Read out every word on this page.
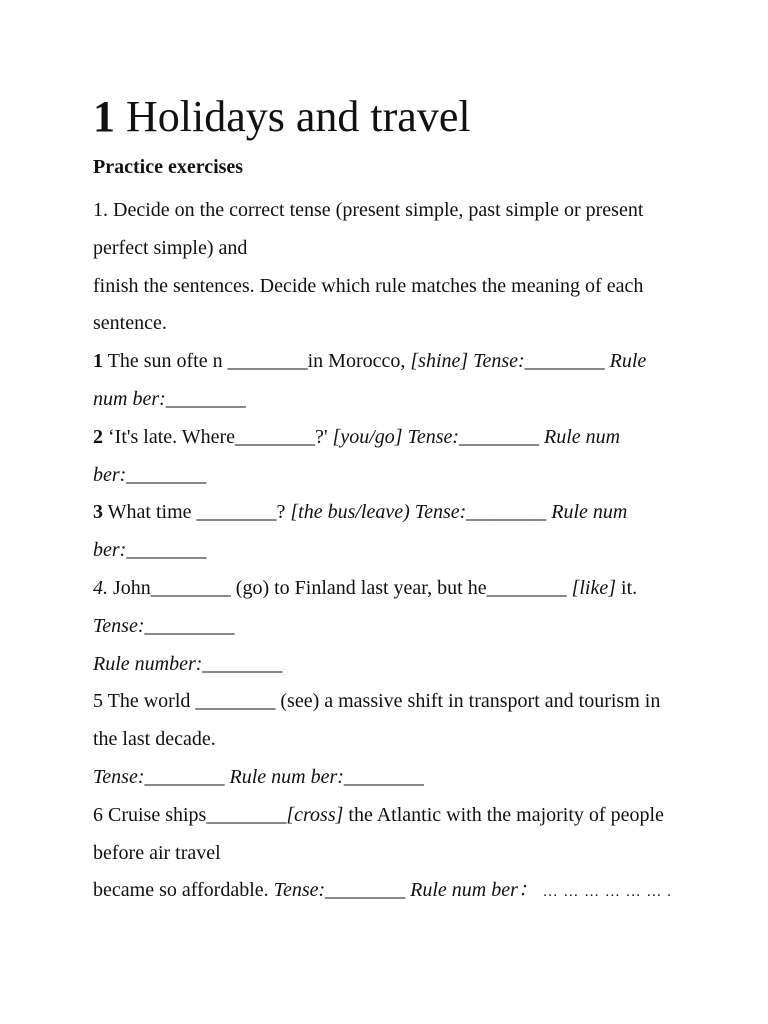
1 Holidays and travel
Practice exercises
1. Decide on the correct tense (present simple, past simple or present
perfect simple) and
finish the sentences. Decide which rule matches the meaning of each
sentence.
1 The sun ofte n ________in Morocco, [shine] Tense:________ Rule
num ber:________
2 ‘It's late. Where________?' [you/go] Tense:________ Rule num
ber:________
3 What time ________? [the bus/leave) Tense:________ Rule num
ber:________
4. John________ (go) to Finland last year, but he________ [like] it.
Tense:_________
Rule number:________
5 The world ________ (see) a massive shift in transport and tourism in
the last decade.
Tense:________ Rule num ber:________
6 Cruise ships________[cross] the Atlantic with the majority of people
before air travel
became so affordable. Tense:________ Rule num ber： … … … … … … .
